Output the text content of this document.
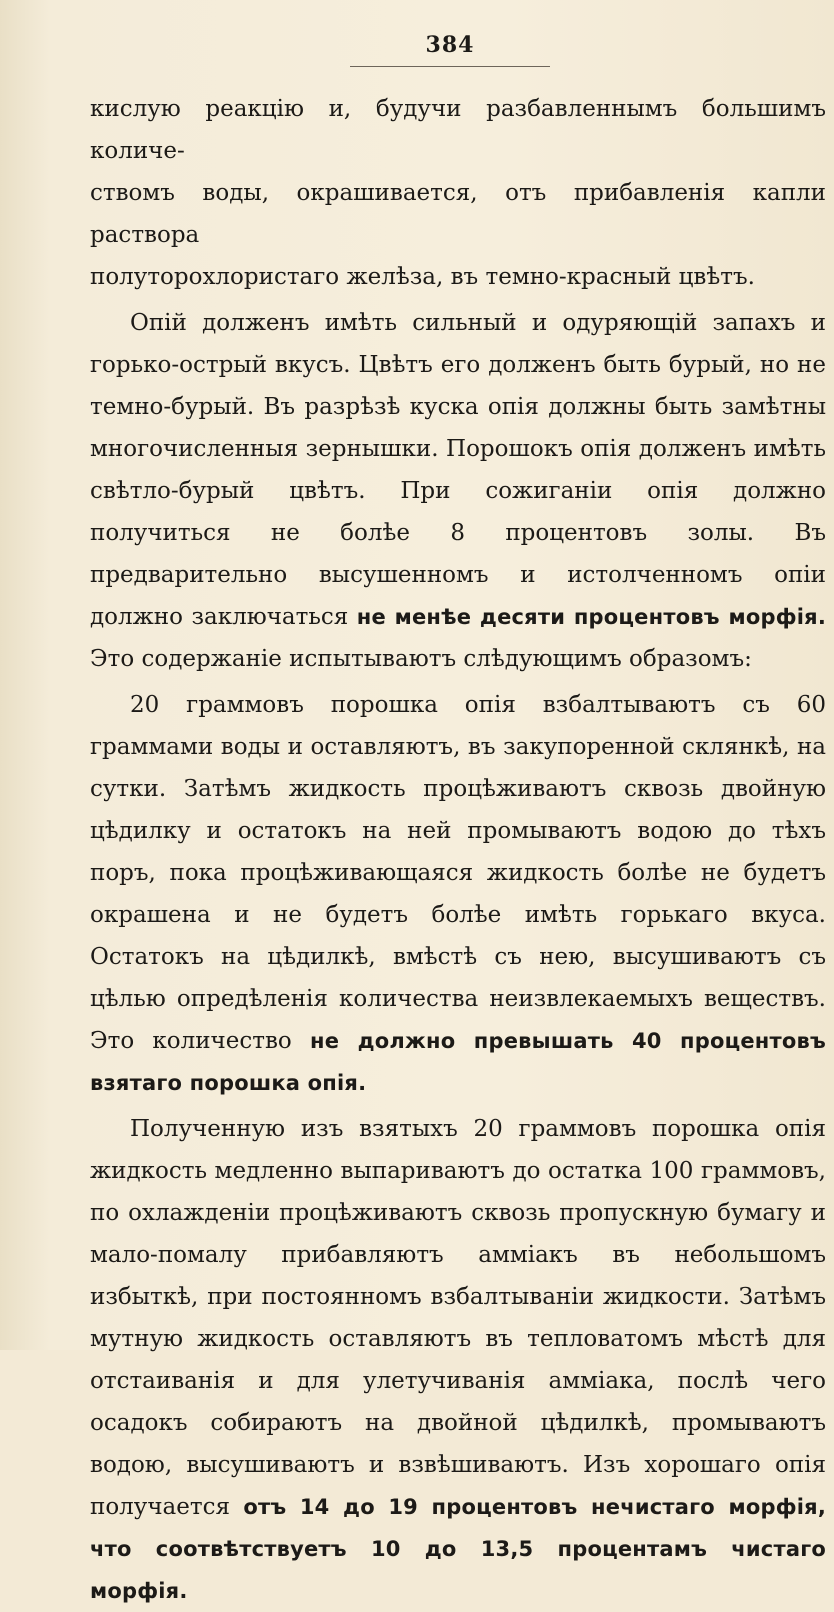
384

кислую реакцію и, будучи разбавленнымъ большимъ количе-
ствомъ воды, окрашивается, отъ прибавленія капли раствора
полуторохлористаго желѣза, въ темно-красный цвѣтъ.

Опій долженъ имѣть сильный и одуряющій запахъ и горько-острый вкусъ. Цвѣтъ его долженъ быть бурый, но не темно-бурый. Въ разрѣзѣ куска опія должны быть замѣтны многочисленныя зернышки. Порошокъ опія долженъ имѣть свѣтло-бурый цвѣтъ. При сожиганіи опія должно получиться не болѣе 8 процентовъ золы. Въ предварительно высушенномъ и истолченномъ опіи должно заключаться не менѣе десяти процентовъ морфія. Это содержаніе испытываютъ слѣдующимъ образомъ:

20 граммовъ порошка опія взбалтываютъ съ 60 граммами воды и оставляютъ, въ закупоренной склянкѣ, на сутки. Затѣмъ жидкость процѣживаютъ сквозь двойную цѣдилку и остатокъ на ней промываютъ водою до тѣхъ поръ, пока процѣживающаяся жидкость болѣе не будетъ окрашена и не будетъ болѣе имѣть горькаго вкуса. Остатокъ на цѣдилкѣ, вмѣстѣ съ нею, высушиваютъ съ цѣлью опредѣленія количества неизвлекаемыхъ веществъ. Это количество не должно превышать 40 процентовъ взятаго порошка опія.

Полученную изъ взятыхъ 20 граммовъ порошка опія жидкость медленно выпариваютъ до остатка 100 граммовъ, по охлажденіи процѣживаютъ сквозь пропускную бумагу и мало-помалу прибавляютъ амміакъ въ небольшомъ избыткѣ, при постоянномъ взбалтываніи жидкости. Затѣмъ мутную жидкость оставляютъ въ тепловатомъ мѣстѣ для отстаиванія и для улетучиванія амміака, послѣ чего осадокъ собираютъ на двойной цѣдилкѣ, промываютъ водою, высушиваютъ и взвѣшиваютъ. Изъ хорошаго опія получается отъ 14 до 19 процентовъ нечистаго морфія, что соотвѣтствуетъ 10 до 13,5 процентамъ чистаго морфія.
